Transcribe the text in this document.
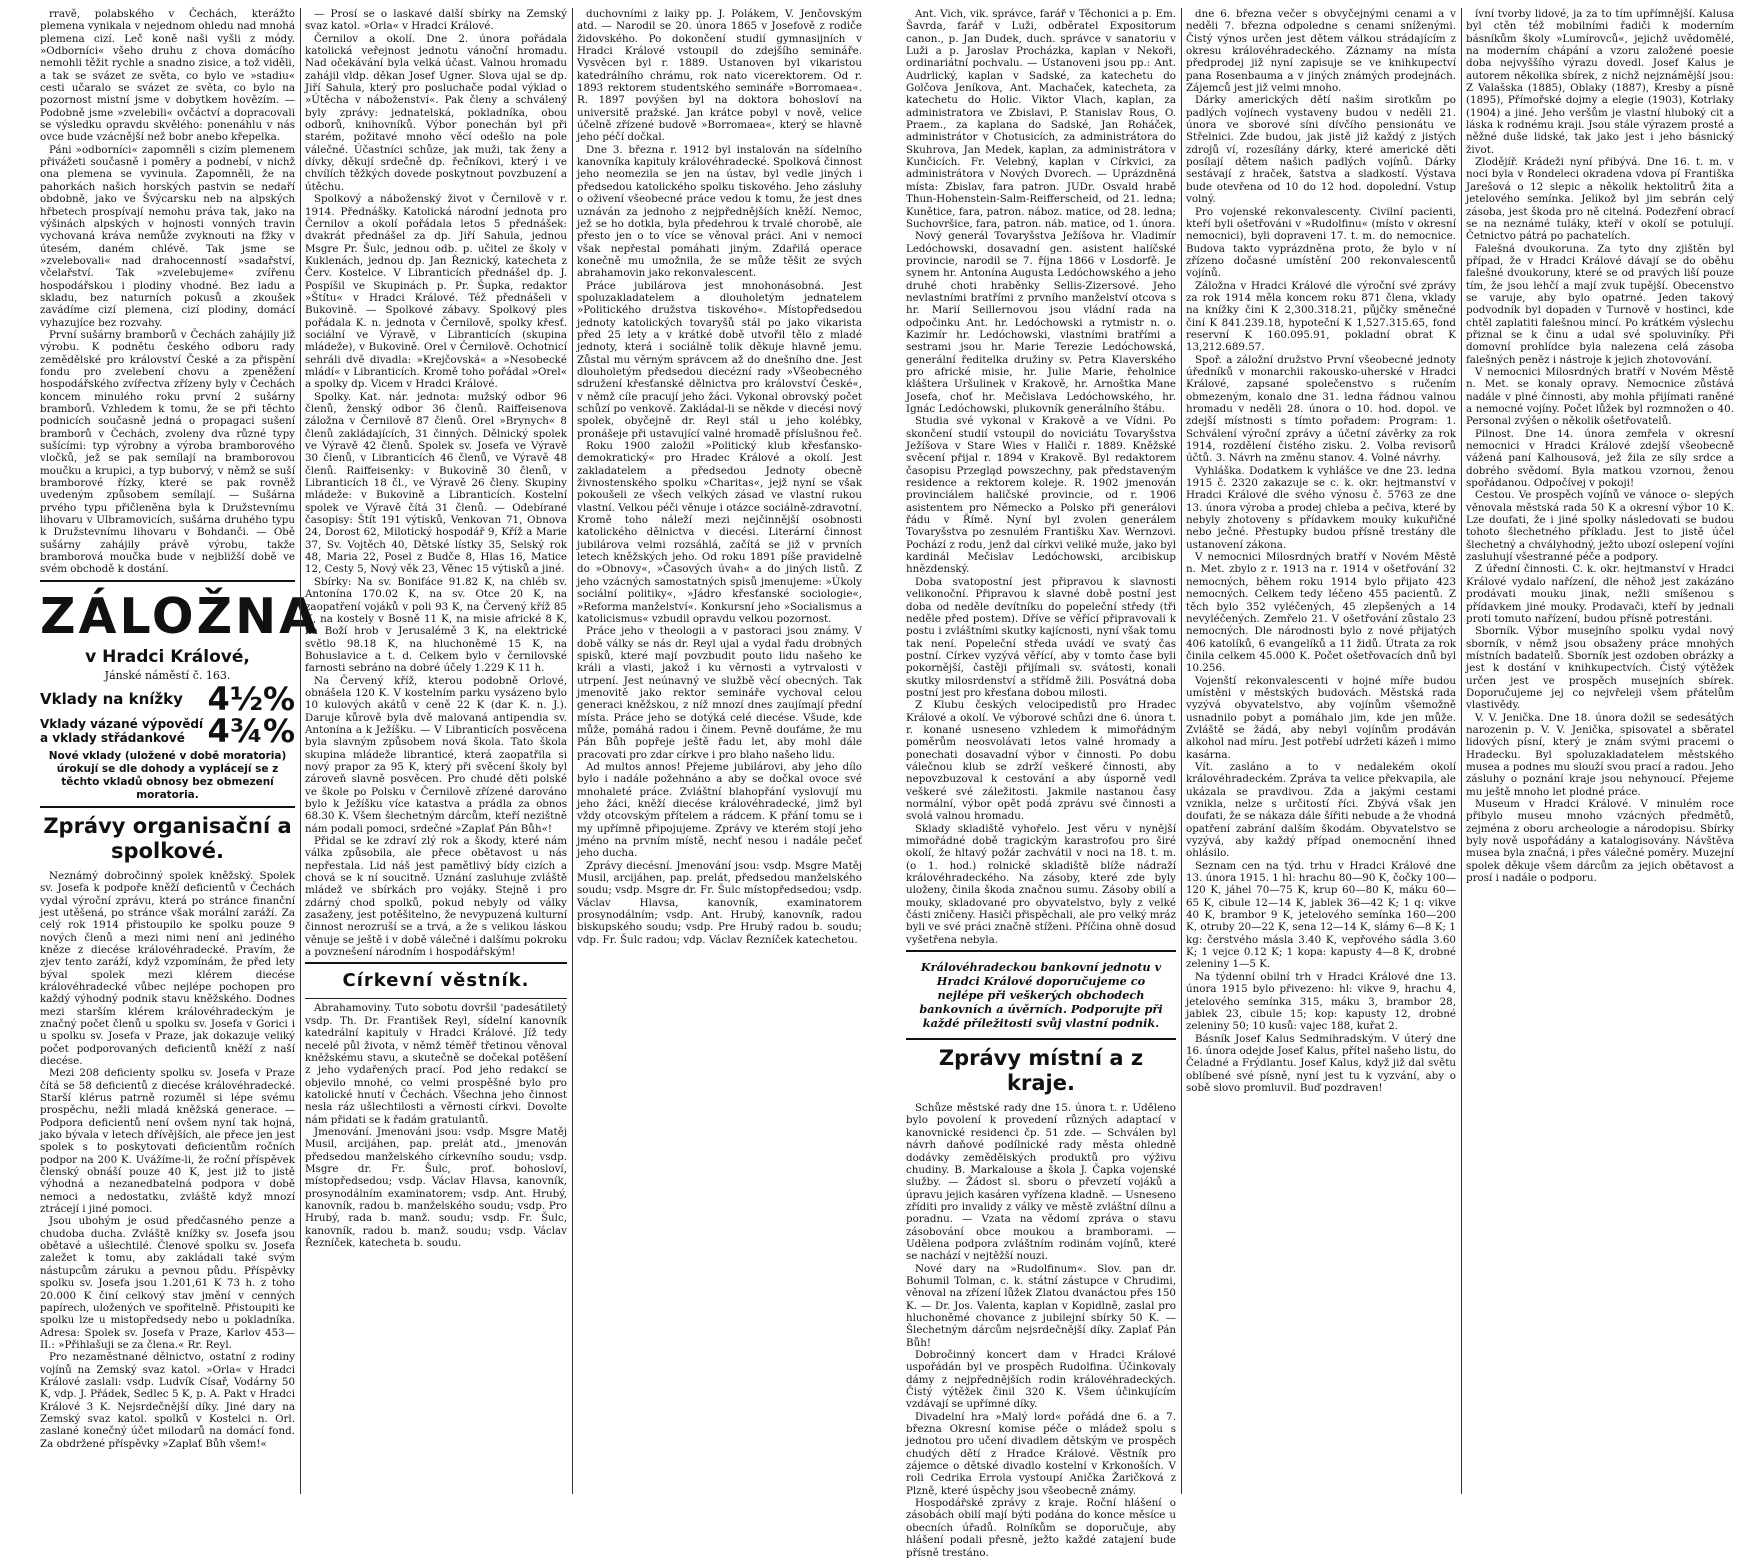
rravě, polabského v Čechách, kterážto plemena vynikala v nejednom ohledu nad mnohá plemena cizí. Leč koně naši vyšli z módy. »Odborníci« všeho druhu z chova domácího nemohli těžit rychle a snadno zisice, a tož viděli, a tak se svázet ze světa, co bylo ve »stadiu« cesti učaralo se svázet ze světa, co bylo na pozornost mistní jsme v dobytkem hovězím. — Podobně jsme »zvelebili« ovčáctví a dopracovali se výsledku opravdu skvělého: ponenáhlu v nás ovce bude vzácnější než bobr anebo křepelka.

Páni »odborníci« zapomněli s cizím plemenem přivážeti současně i poměry a podnebí, v nichž ona plemena se vyvinula. Zapomněli, že na pahorkách našich horských pastvin se nedaří obdobně, jako ve Švýcarsku neb na alpských hřbetech prospívají nemohu práva tak, jako na výšinách alpských v hojnosti vonných travin vychovaná kráva nemůže zvyknouti na fžky v útesém, daném chlévě. Tak jsme se »zvelebovali« nad drahocenností »sadařství, včelařství. Tak »zvelebujeme« zvířenu hospodářskou i plodiny vhodné. Bez ladu a skladu, bez naturních pokusů a zkoušek zavádíme cizí plemena, cizí plodiny, domácí vyhazujíce bez rozvahy.

První sušárny bramborů v Čechách zahájily již výrobu. K podnětu českého odboru rady zemědělské pro království České a za přispění fondu pro zvelebení chovu a zpeněžení hospodářského zvířectva zřízeny byly v Čechách koncem minulého roku první 2 sušárny bramborů. Vzhledem k tomu, že se při těchto podnicích současně jedná o propagaci sušení bramborů v Čechách, zvoleny dva různé typy sušícími: typ výrobny a výroba bramborového vločků, jež se pak semílají na bramborovou moučku a krupici, a typ buborvý, v němž se suší bramborové řízky, které se pak rovněž uvedeným způsobem semílají. — Sušárna prvého typu přičleněna byla k Družstevnímu lihovaru v Ulbramovicích, sušárna druhého typu k Družstevnímu lihovaru v Bohdanči. — Obě sušárny zahájily právě výrobu, takže bramborová moučka bude v nejbližší době ve svém obchodě k dostání.

ZÁLOŽNA
v Hradci Králové,
Jánské náměstí č. 163.
Vklady na knížky 4½%
Vklady vázané výpovědí a vklady střádankové 4¾%
Nové vklady (uložené v době moratoria) úrokují se dle dohody a vyplácejí se z těchto vkladů obnosy bez obmezení moratoria.
Zprávy organisační a spolkové.

Neznámý dobročinný spolek kněžský. Spolek sv. Josefa k podpoře kněží deficientů v Čechách vydal výroční zprávu, která po stránce finanční jest utěšená, po stránce však morální zaráží. Za celý rok 1914 přistoupilo ke spolku pouze 9 nových členů a mezi nimi není ani jediného kněze z diecése královéhradecké. Pravím, že zjev tento zaráží, když vzpomínám, že před lety býval spolek mezi klérem diecése královéhradecké vůbec nejlépe pochopen pro každý výhodný podnik stavu kněžského. Dodnes mezi starším klérem královéhradeckým je značný počet členů u spolku sv. Josefa v Gorici i u spolku sv. Josefa v Praze, jak dokazuje veliký počet podporovaných deficientů kněží z naší diecése.

Mezi 208 deficienty spolku sv. Josefa v Praze čítá se 58 deficientů z diecése královéhradecké. Starší klérus patrně rozuměl si lépe svému prospěchu, nežli mladá kněžská generace. — Podpora deficientů není ovšem nyní tak hojná, jako bývala v letech dřívějších, ale přece jen jest spolek s to poskytovati deficientům ročních podpor na 200 K. Uvážíme-li, že roční příspěvek členský obnáší pouze 40 K, jest již to jistě výhodná a nezanedbatelná podpora v době nemoci a nedostatku, zvláště když mnozí ztrácejí i jiné pomoci.

Jsou ubohým je osud předčasného penze a chudoba ducha. Zvláště knížky sv. Josefa jsou obětavé a ušlechtilé. Členové spolku sv. Josefa zaležet k tomu, aby zakládali také svým nástupcům záruku a pevnou půdu. Příspěvky spolku sv. Josefa jsou 1.201,61 K 73 h. z toho 20.000 K činí celkový stav jmění v cenných papírech, uložených ve spořitelně. Přistoupiti ke spolku lze u mistopředsedy nebo u pokladníka. Adresa: Spolek sv. Josefa v Praze, Karlov 453—II.: »Přihlašuji se za člena.« Rr. Reyl.

Pro nezaměstnané dělnictvo, ostatní z rodiny vojínů na Zemský svaz katol. »Orla« v Hradci Králové zaslali: vsdp. Ludvík Císař, Vodárny 50 K, vdp. J. Přádek, Sedlec 5 K, p. A. Pakt v Hradci Králové 3 K. Nejsrdečnější díky. Jiné dary na Zemský svaz katol. spolků v Kostelci n. Orl. zaslané konečný účet milodarů na domácí fond. Za obdržené příspěvky »Zaplať Bůh všem!«

— Prosí se o laskavé další sbírky na Zemský svaz katol. »Orla« v Hradci Králové.

Černilov a okolí. Dne 2. února pořádala katolická veřejnost jednotu vánoční hromadu. Nad očekávání byla velká účast. Valnou hromadu zahájil vldp. děkan Josef Ugner. Slova ujal se dp. Jiří Sahula, který pro posluchače podal výklad o »Útěcha v náboženství«. Pak členy a schválený byly zprávy: jednatelská, pokladníka, obou odborů, knihovníků. Výbor ponechán byl při starém, požitavé mnoho věcí odešlo na pole válečné. Účastníci schůze, jak muži, tak ženy a dívky, děkují srdečně dp. řečníkovi, který i ve chvílích těžkých dovede poskytnout povzbuzení a útěchu.

Spolkový a náboženský život v Černilově v r. 1914. Přednášky. Katolická národní jednota pro Černilov a okolí pořádala letos 5 přednášek: dvakrát přednášel za dp. Jiří Sahula, jednou Msgre Pr. Šulc, jednou odb. p. učitel ze školy v Kuklenách, jednou dp. Jan Řeznický, katecheta z Červ. Kostelce. V Libranticích přednášel dp. J. Pospíšil ve Skupinách p. Pr. Šupka, redaktor »Štítu« v Hradci Králové. Též přednášeli v Bukovině. — Spolkové zábavy. Spolkový ples pořádala K. n. jednota v Černilově, spolky křesť. sociální ve Výravě, v Libranticích (skupina mládeže), v Bukovině. Orel v Černilově. Ochotnicí sehráli dvě divadla: »Krejčovská« a »Nesobecké mládí« v Libranticích. Kromě toho pořádal »Orel« a spolky dp. Vicem v Hradci Králové.

Spolky. Kat. nár. jednota: mužský odbor 96 členů, ženský odbor 36 členů. Raiffeisenova záložna v Černilově 87 členů. Orel »Brynych« 8 členů zakládajících, 31 činných. Dělnický spolek ve Výravě 42 členů. Spolek sv. Josefa ve Výravě 30 členů, v Libranticích 46 členů, ve Výravě 48 členů. Raiffeisenky: v Bukovině 30 členů, v Libranticích 18 čl., ve Výravě 26 členy. Skupiny mládeže: v Bukovině a Libranticích. Kostelní spolek ve Výravě čítá 31 členů. — Odebírané časopisy: Štít 191 výtisků, Venkovan 71, Obnova 24, Dorost 62, Milotický hospodář 9, Kříž a Marie 37, Sv. Vojtěch 40, Dětské lístky 35, Selský rok 48, Maria 22, Posel z Budče 8, Hlas 16, Matice 12, Cesty 5, Nový věk 23, Věnec 15 výtisků a jiné.

Sbírky: Na sv. Bonifáce 91.82 K, na chléb sv. Antonína 170.02 K, na sv. Otce 20 K, na zaopatření vojáků v poli 93 K, na Červený kříž 85 K, na kostely v Bosně 11 K, na misie africké 8 K, na Boží hrob v Jerusalémě 3 K, na elektrické světlo 98.18 K, na hluchoněmé 15 K, na Bohuslavice a t. d. Celkem bylo v černilovské farnosti sebráno na dobré účely 1.229 K 11 h.

Na Červený kříž, kterou podobně Orlové, obnášela 120 K. V kostelním parku vysázeno bylo 10 kulových akátů v ceně 22 K (dar K. n. J.). Daruje kůrově byla dvě malovaná antipendia sv. Antonína a k Ježíšku. — V Libranticích posvěcena byla slavným způsobem nová škola. Tato škola skupina mládeže libranticé, která zaopatřila si nový prapor za 95 K, který při svěcení školy byl zároveň slavně posvěcen. Pro chudé děti polské ve škole po Polsku v Černilově zřízené darováno bylo k Ježíšku více katastva a prádla za obnos 68.30 K. Všem šlechetným dárcům, kteří nezištně nám podali pomoci, srdečné »Zaplať Pán Bůh«!

Přidal se ke zdraví zlý rok a škody, které nám válka způsobila, ale přece obětavost u nás nepřestala. Lid náš jest pamětlivý bídy cizích a chová se k ní soucitně. Uznání zasluhuje zvláště mládež ve sbírkách pro vojáky. Stejně i pro zdárný chod spolků, pokud nebyly od války zasaženy, jest potěšitelno, že nevypuzená kulturní činnost nerozruší se a trvá, a že s velikou láskou věnuje se ještě i v době válečné i dalšímu pokroku a povznešení národním i hospodářským!

Církevní věstník.

Abrahamoviny. Tuto sobotu dovršil 'padesátiletý vsdp. Th. Dr. František Reyl, sídelní kanovník katedrální kapituly v Hradci Králové. Jíž tedy necelé půl života, v němž téměř třetinou věnoval kněžskému stavu, a skutečně se dočekal potěšení z jeho vydařených prací. Pod jeho redakcí se objevilo mnohé, co velmi prospěšné bylo pro katolické hnutí v Čechách. Všechna jeho činnost nesla ráz ušlechtilosti a věrnosti církvi. Dovolte nám přidati se k řadám gratulantů.

Jmenování. Jmenováni jsou: vsdp. Msgre Matěj Musil, arcijáhen, pap. prelát atd., jmenován předsedou manželského církevního soudu; vsdp. Msgre dr. Fr. Šulc, prof. bohosloví, místopředsedou; vsdp. Václav Hlavsa, kanovník, prosynodálním examinatorem; vsdp. Ant. Hrubý, kanovník, radou b. manželského soudu; vsdp. Pro Hrubý, rada b. manž. soudu; vsdp. Fr. Šulc, kanovník, radou b. manž. soudu; vsdp. Václav Řezníček, katecheta b. soudu.

duchovními z laiky pp. J. Polákem, V. Jenčovským atd. — Narodil se 20. února 1865 v Josefově z rodiče židovského. Po dokončení studií gymnasijních v Hradci Králové vstoupil do zdejšího semináře. Vysvěcen byl r. 1889. Ustanoven byl vikaristou katedrálního chrámu, rok nato vicerektorem. Od r. 1893 rektorem studentského semináře »Borromaea«. R. 1897 povýšen byl na doktora bohosloví na universitě pražské. Jan krátce pobyl v nově, velice účelně zřízené budově »Borromaea«, který se hlavně jeho péčí dočkal.

Dne 3. března r. 1912 byl instalován na sídelního kanovníka kapituly královéhradecké. Spolková činnost jeho neomezila se jen na ústav, byl vedle jiných i předsedou katolického spolku tiskového. Jeho zásluhy o oživení všeobecné práce vedou k tomu, že jest dnes uznáván za jednoho z nejpřednějších kněží. Nemoc, jež se ho dotkla, byla předehrou k trvalé chorobě, ale přesto jen o to více se věnoval práci. Ani v nemoci však nepřestal pomáhati jiným. Zdařilá operace konečně mu umožnila, že se může těšit ze svých abrahamovin jako rekonvalescent.

Práce jubilárova jest mnohonásobná. Jest spoluzakladatelem a dlouholetým jednatelem »Politického družstva tiskového«. Místopředsedou jednoty katolických tovaryšů stál po jako vikarista před 25 lety a v krátké době utvořil tělo z mladé jednoty, která i sociálně tolik děkuje hlavně jemu. Zůstal mu věrným správcem až do dnešního dne. Jest dlouholetým předsedou diecézní rady »Všeobecného sdružení křesťanské dělnictva pro království České«, v němž cíle pracují jeho žáci. Vykonal obrovský počet schůzí po venkově. Zakládal-li se někde v diecési nový spolek, obyčejně dr. Reyl stál u jeho kolébky, pronášeje při ustavující valné hromadě příslušnou řeč.

Roku 1900 založil »Politický klub křesťansko-demokratický« pro Hradec Králové a okolí. Jest zakladatelem a předsedou Jednoty obecně živnostenského spolku »Charitas«, jejž nyní se však pokoušeli ze všech velkých zásad ve vlastní rukou vlastní. Velkou péči věnuje i otázce sociálně-zdravotní. Kromě toho náleží mezi nejčinnější osobnosti katolického dělnictva v diecési. Literární činnost jubilárova velmi rozsáhlá, začítá se již v prvních letech kněžských jeho. Od roku 1891 píše pravidelně do »Obnovy«, »Časových úvah« a do jiných listů. Z jeho vzácných samostatných spisů jmenujeme: »Úkoly sociální politiky«, »Jádro křesťanské sociologie«, »Reforma manželství«. Konkursní jeho »Socialismus a katolicismus« vzbudil opravdu velkou pozornost.

Práce jeho v theologii a v pastoraci jsou známy. V době války se nás dr. Reyl ujal a vydal řadu drobných spisků, které mají povzbudit pouto lidu našeho ke králi a vlasti, jakož i ku věrnosti a vytrvalosti v utrpení. Jest neúnavný ve službě věcí obecných. Tak jmenovitě jako rektor semináře vychoval celou generaci kněžskou, z níž mnozí dnes zaujímají přední místa. Práce jeho se dotýká celé diecése. Všude, kde může, pomáhá radou i činem. Pevně doufáme, že mu Pán Bůh popřeje ještě řadu let, aby mohl dále pracovati pro zdar církve i pro blaho našeho lidu.

Ad multos annos! Přejeme jubilárovi, aby jeho dílo bylo i nadále požehnáno a aby se dočkal ovoce své mnohaleté práce. Zvláštní blahopřání vyslovují mu jeho žáci, kněží diecése královéhradecké, jimž byl vždy otcovským přítelem a rádcem. K přání tomu se i my upřímně připojujeme. Zprávy ve kterém stojí jeho jméno na prvním místě, nechť nesou i nadále pečeť jeho ducha.

Zprávy diecésní. Jmenování jsou: vsdp. Msgre Matěj Musil, arcijáhen, pap. prelát, předsedou manželského soudu; vsdp. Msgre dr. Fr. Šulc místopředsedou; vsdp. Václav Hlavsa, kanovník, examinatorem prosynodálním; vsdp. Ant. Hrubý, kanovník, radou biskupského soudu; vsdp. Pre Hrubý radou b. soudu; vdp. Fr. Šulc radou; vdp. Václav Řezníček katechetou.

Ant. Vich, vik. správce, farář v Těchonici a p. Em. Šavrda, farář v Luži, odběratel Expositorum canon., p. Jan Dudek, duch. správce v sanatoriu v Luži a p. Jaroslav Procházka, kaplan v Nekoři, ordinariátní pochvalu. — Ustanoveni jsou pp.: Ant. Audrlický, kaplan v Sadské, za katechetu do Golčova Jeníkova, Ant. Machaček, katecheta, za katechetu do Holic. Viktor Vlach, kaplan, za administratora ve Zbislavi, P. Stanislav Rous, O. Praem., za kaplana do Sadské, Jan Roháček, administrátor v Chotusicích, za administrátora do Skuhrova, Jan Medek, kaplan, za administrátora v Kunčicích. Fr. Velebný, kaplan v Církvici, za administrátora v Nových Dvorech. — Uprázdněná místa: Zbislav, fara patron. JUDr. Osvald hrabě Thun-Hohenstein-Salm-Reifferscheid, od 21. ledna; Kunětice, fara, patron. náboz. matice, od 28. ledna; Suchovršice, fara, patron. náb. matice, od 1. února.

Nový generál Tovaryšstva Ježíšova hr. Vladimír Ledóchowski, dosavadní gen. asistent halíčské provincie, narodil se 7. října 1866 v Losdorfě. Je synem hr. Antonína Augusta Ledóchowského a jeho druhé choti hraběnky Sellis-Zizersové. Jeho nevlastními bratřími z prvního manželství otcova s hr. Marií Seillernovou jsou vládní rada na odpočinku Ant. hr. Ledóchowski a rytmistr n. o. Kazimír hr. Ledóchowski, vlastními bratřími a sestrami jsou hr. Marie Terezie Ledóchowská, generální ředitelka družiny sv. Petra Klaverského pro africké misie, hr. Julie Marie, řeholnice kláštera Uršulinek v Krakově, hr. Arnoštka Mane Josefa, choť hr. Mečislava Ledóchowského, hr. Ignác Ledóchowski, plukovník generálního štábu.

Studia své vykonal v Krakově a ve Vídni. Po skončení studií vstoupil do noviciátu Tovaryšstva Ježíšova v Stare Wies v Haliči r. 1889. Kněžské svěcení přijal r. 1894 v Krakově. Byl redaktorem časopisu Przegląd powszechny, pak představeným residence a rektorem koleje. R. 1902 jmenován provinciálem haličské provincie, od r. 1906 asistentem pro Německo a Polsko při generálovi řádu v Římě. Nyní byl zvolen generálem Tovaryšstva po zesnulém Františku Xav. Wernzovi. Pochází z rodu, jenž dal církvi veliké muže, jako byl kardinál Mečislav Ledóchowski, arcibiskup hnězdenský.

Doba svatopostní jest připravou k slavnosti velikonoční. Připravou k slavné době postní jest doba od neděle devítníku do popeleční středy (tři neděle před postem). Dříve se věřící připravovali k postu i zvláštními skutky kajícnosti, nyní však tomu tak není. Popeleční středa uvádí ve svatý čas postní. Církev vyzývá věřící, aby v tomto čase byli pokornější, častěji přijímali sv. svátosti, konali skutky milosrdenství a střídmě žili. Posvátná doba postní jest pro křesťana dobou milosti.

Z Klubu českých velocipedistů pro Hradec Králové a okolí. Ve výborové schůzi dne 6. února t. r. konané usneseno vzhledem k mimořádným poměrům neosvolávati letos valné hromady a ponechati dosavadní výbor v činnosti. Po dobu válečnou klub se zdrží veškeré činnosti, aby nepovzbuzoval k cestování a aby úsporně vedl veškeré své záležitosti. Jakmile nastanou časy normální, výbor opět podá zprávu své činnosti a svolá valnou hromadu.

Sklady skladiště vyhořelo. Jest věru v nynější mimořádné době tragickým karastrofou pro širé okolí, že hltavý požár zachvátil v noci na 18. t. m. (o 1. hod.) rolnické skladiště blíže nádraží královéhradeckého. Na zásoby, které zde byly uloženy, činila škoda značnou sumu. Zásoby obilí a mouky, skladované pro obyvatelstvo, byly z velké části zničeny. Hasiči přispěchali, ale pro velký mráz byli ve své práci značně stíženi. Příčina ohně dosud vyšetřena nebyla.

Královéhradeckou bankovní jednotu v Hradci Králové doporučujeme co nejlépe při veškerých obchodech bankovních a úvěrních. Podporujte při každé příležitosti svůj vlastní podnik.
Zprávy místní a z kraje.

Schůze městské rady dne 15. února t. r. Uděleno bylo povolení k provedení různých adaptací v kanovnické residenci čp. 51 zde. — Schválen byl návrh daňové podílnické rady města ohledně dodávky zemědělských produktů pro výživu chudiny. B. Markalouse a škola J. Čapka vojenské služby. — Žádost sl. sboru o převzetí vojáků a úpravu jejich kasáren vyřízena kladně. — Usneseno zříditi pro invalidy z války ve městě zvláštní dílnu a poradnu. — Vzata na vědomí zpráva o stavu zásobování obce moukou a bramborami. — Udělena podpora zvláštním rodinám vojínů, které se nachází v nejtěžší nouzi.

Nové dary na »Rudolfinum«. Slov. pan dr. Bohumil Tolman, c. k. státní zástupce v Chrudimi, věnoval na zřízení lůžek Zlatou dvanáctou přes 150 K. — Dr. Jos. Valenta, kaplan v Kopidlně, zaslal pro hluchoněmé chovance z jubilejní sbírky 50 K. — Šlechetným dárcům nejsrdečnější díky. Zaplať Pán Bůh!

Dobročinný koncert dam v Hradci Králové uspořádán byl ve prospěch Rudolfina. Účinkovaly dámy z nejpřednějších rodin královéhradeckých. Čistý výtěžek činil 320 K. Všem účinkujícím vzdávají se upřímné díky.

Divadelní hra »Malý lord« pořádá dne 6. a 7. března Okresní komise péče o mládež spolu s jednotou pro učení divadlem dětským ve prospěch chudých dětí z Hradce Králové. Věstník pro zájemce o dětské divadlo kostelní v Krkonoších. V roli Cedrika Errola vystoupí Anička Žaričková z Plzně, které úspěchy jsou všeobecně známy.

Hospodářské zprávy z kraje. Roční hlášení o zásobách obilí mají býti podána do konce měsíce u obecních úřadů. Rolníkům se doporučuje, aby hlášení podali přesně, ježto každé zatajení bude přísně trestáno.

dne 6. března večer s obvyčejnými cenami a v neděli 7. března odpoledne s cenami sníženými. Čistý výnos určen jest dětem válkou strádajícím z okresu královéhradeckého. Záznamy na místa předprodej již nyní zapisuje se ve knihkupectví pana Rosenbauma a v jiných známých prodejnách. Zájemců jest již velmi mnoho.

Dárky amerických dětí našim sirotkům po padlých vojínech vystaveny budou v neděli 21. února ve sborové síni dívčího pensionátu ve Střelnici. Zde budou, jak jistě již každý z jistých zdrojů ví, rozesílány dárky, které americké děti posílají dětem našich padlých vojínů. Dárky sestávají z hraček, šatstva a sladkostí. Výstava bude otevřena od 10 do 12 hod. dopolední. Vstup volný.

Pro vojenské rekonvalescenty. Civilní pacienti, kteří byli ošetřováni v »Rudolfinu« (místo v okresní nemocnici), byli dopraveni 17. t. m. do nemocnice. Budova takto vyprázdněna proto, že bylo v ní zřízeno dočasné umístění 200 rekonvalescentů vojínů.

Záložna v Hradci Králové dle výroční své zprávy za rok 1914 měla koncem roku 871 člena, vklady na knížky čini K 2,300.318.21, půjčky směnečné činí K 841.239.18, hypoteční K 1,527.315.65, fond reservní K 160.095.91, pokladní obrat K 13,212.689.57.

Spoř. a záložní družstvo První všeobecné jednoty úředníků v monarchii rakousko-uherské v Hradci Králové, zapsané společenstvo s ručením obmezeným, konalo dne 31. ledna řádnou valnou hromadu v neděli 28. února o 10. hod. dopol. ve zdejší místnosti s tímto pořadem: Program: 1. Schválení výroční zprávy a účetní závěrky za rok 1914, rozdělení čistého zisku. 2. Volba revisorů účtů. 3. Návrh na změnu stanov. 4. Volné návrhy.

Vyhláška. Dodatkem k vyhlášce ve dne 23. ledna 1915 č. 2320 zakazuje se c. k. okr. hejtmanství v Hradci Králové dle svého výnosu č. 5763 ze dne 13. února výroba a prodej chleba a pečiva, které by nebyly zhotoveny s přídavkem mouky kukuřičné nebo ječné. Přestupky budou přísně trestány dle ustanovení zákona.

V nemocnici Milosrdných bratří v Novém Městě n. Met. zbylo z r. 1913 na r. 1914 v ošetřování 32 nemocných, během roku 1914 bylo přijato 423 nemocných. Celkem tedy léčeno 455 pacientů. Z těch bylo 352 vyléčených, 45 zlepšených a 14 nevyléčených. Zemřelo 21. V ošetřování zůstalo 23 nemocných. Dle národnosti bylo z nové přijatých 406 katolíků, 6 evangelíků a 11 židů. Útrata za rok činila celkem 45.000 K. Počet ošetřovacích dnů byl 10.256.

Vojenští rekonvalescenti v hojné míře budou umístěni v městských budovách. Městská rada vyzývá obyvatelstvo, aby vojínům všemožně usnadnilo pobyt a pomáhalo jim, kde jen může. Zvláště se žádá, aby nebyl vojínům prodáván alkohol nad míru. Jest potřebí udržeti kázeň i mimo kasárna.

Vít. zasláno a to v nedalekém okolí královéhradeckém. Zpráva ta velice překvapila, ale ukázala se pravdivou. Zda a jakými cestami vznikla, nelze s určitostí říci. Zbývá však jen doufati, že se nákaza dále šířiti nebude a že vhodná opatření zabrání dalším škodám. Obyvatelstvo se vyzývá, aby každý případ onemocnění ihned ohlásilo.

Seznam cen na týd. trhu v Hradci Králové dne 13. února 1915. 1 hl: hrachu 80—90 K, čočky 100—120 K, jáhel 70—75 K, krup 60—80 K, máku 60—65 K, cibule 12—14 K, jablek 36—42 K; 1 q: vikve 40 K, brambor 9 K, jetelového semínka 160—200 K, otruby 20—22 K, sena 12—14 K, slámy 6—8 K; 1 kg: čerstvého másla 3.40 K, vepřového sádla 3.60 K; 1 vejce 0.12 K; 1 kopa: kapusty 4—8 K, drobné zeleniny 1—5 K.

Na týdenní obilní trh v Hradci Králové dne 13. února 1915 bylo přivezeno: hl: vikve 9, hrachu 4, jetelového semínka 315, máku 3, brambor 28, jablek 23, cibule 15; kop: kapusty 12, drobné zeleniny 50; 10 kusů: vajec 188, kuřat 2.

Básník Josef Kalus Sedmihradským. V úterý dne 16. února odejde Josef Kalus, přítel našeho listu, do Čeladné a Frýdlantu. Josef Kalus, když již dal světu oblíbené své písně, nyní jest tu k vyzvání, aby o sobě slovo promluvil. Buď pozdraven!

ívní tvorby lidové, ja za to tím upřímnější. Kalusa byl ctěn též mobilními řadiči k moderním básníkům školy »Lumírovců«, jejichž uvědomělé, na moderním chápání a vzoru založené poesie doba nejvyššího výrazu dovedl. Josef Kalus je autorem několika sbírek, z nichž nejznámější jsou: Z Valašska (1885), Oblaky (1887), Kresby a písně (1895), Přímořské dojmy a elegie (1903), Kotrlaky (1904) a jiné. Jeho veršům je vlastní hluboký cit a láska k rodnému kraji. Jsou stále výrazem prosté a něžné duše lidské, tak jako jest i jeho básnický život.

Zlodějíř. Krádeži nyní přibývá. Dne 16. t. m. v noci byla v Rondeleci okradena vdova pí Františka Jarešová o 12 slepic a několik hektolitrů žita a jetelového semínka. Jelikož byl jim sebrán celý zásoba, jest škoda pro ně citelná. Podezření obrací se na neznámé tuláky, kteří v okolí se potulují. Četnictvo pátrá po pachatelích.

Falešná dvoukoruna. Za tyto dny zjištěn byl případ, že v Hradci Králové dávají se do oběhu falešné dvoukoruny, které se od pravých liší pouze tím, že jsou lehčí a mají zvuk tupější. Obecenstvo se varuje, aby bylo opatrné. Jeden takový podvodník byl dopaden v Turnově v hostinci, kde chtěl zaplatiti falešnou mincí. Po krátkém výslechu přiznal se k činu a udal své spoluviníky. Při domovní prohlídce byla nalezena celá zásoba falešných peněz i nástroje k jejich zhotovování.

V nemocnici Milosrdných bratří v Novém Městě n. Met. se konaly opravy. Nemocnice zůstává nadále v plné činnosti, aby mohla přijímati raněné a nemocné vojíny. Počet lůžek byl rozmnožen o 40. Personal zvýšen o několik ošetřovatelů.

Pilnost. Dne 14. února zemřela v okresní nemocnici v Hradci Králové zdejší všeobecně vážená paní Kalhousová, jež žila ze síly srdce a dobrého svědomí. Byla matkou vzornou, ženou spořádanou. Odpočívej v pokoji!

Cestou. Ve prospěch vojínů ve vánoce o- slepých věnovala městská rada 50 K a okresní výbor 10 K. Lze doufati, že i jiné spolky následovati se budou tohoto šlechetného příkladu. Jest to jistě účel šlechetný a chvályhodný, ježto ubozí oslepení vojíni zasluhují všestranné péče a podpory.

Z úřední činnosti. C. k. okr. hejtmanství v Hradci Králové vydalo nařízení, dle něhož jest zakázáno prodávati mouku jinak, nežli smíšenou s přídavkem jiné mouky. Prodavači, kteří by jednali proti tomuto nařízení, budou přísně potrestáni.

Sborník. Výbor musejního spolku vydal nový sborník, v němž jsou obsaženy práce mnohých místních badatelů. Sborník jest ozdoben obrázky a jest k dostání v knihkupectvích. Čistý výtěžek určen jest ve prospěch musejních sbírek. Doporučujeme jej co nejvřeleji všem přátelům vlastivědy.

V. V. Jenička. Dne 18. února dožil se sedesátých narozenin p. V. V. Jenička, spisovatel a sběratel lidových písní, který je znám svými pracemi o Hradecku. Byl spoluzakladatelem městského musea a podnes mu slouží svou prací a radou. Jeho zásluhy o poznání kraje jsou nehynoucí. Přejeme mu ještě mnoho let plodné práce.

Museum v Hradci Králové. V minulém roce přibylo museu mnoho vzácných předmětů, zejména z oboru archeologie a národopisu. Sbírky byly nově uspořádány a katalogisovány. Návštěva musea byla značná, i přes válečné poměry. Muzejní spolek děkuje všem dárcům za jejich obětavost a prosí i nadále o podporu.
